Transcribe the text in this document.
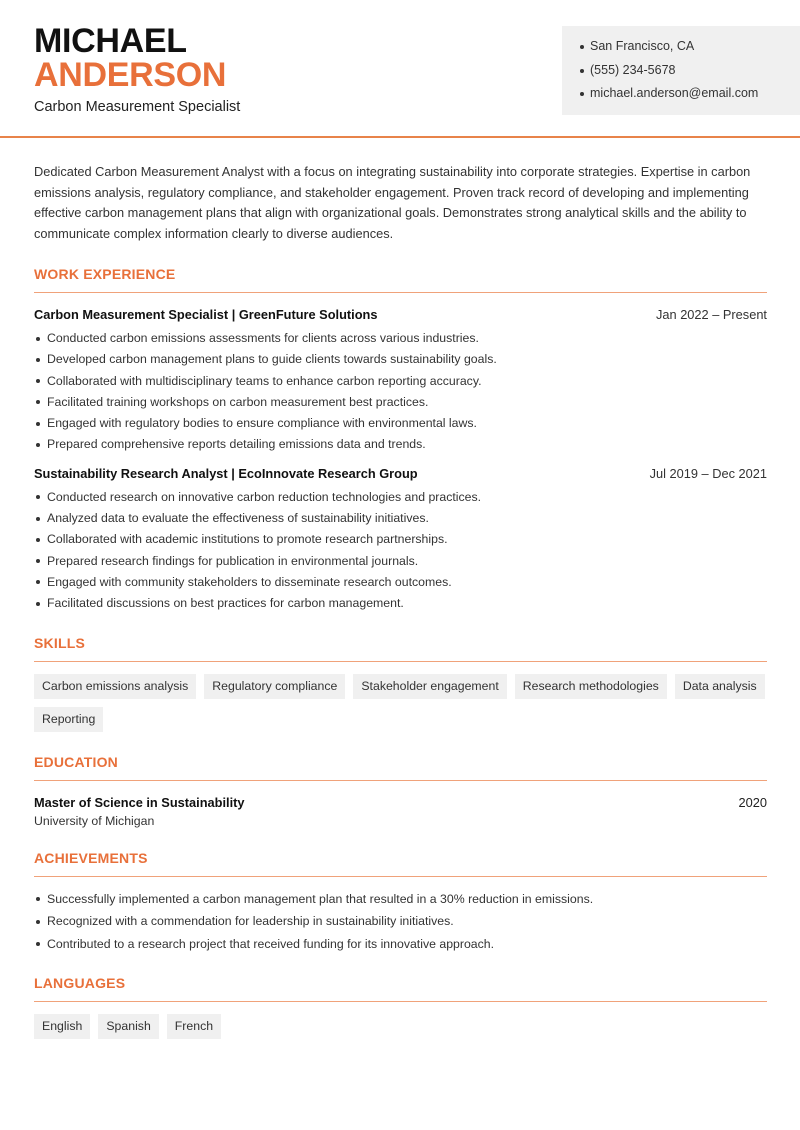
MICHAEL
ANDERSON
Carbon Measurement Specialist
San Francisco, CA
(555) 234-5678
michael.anderson@email.com

Dedicated Carbon Measurement Analyst with a focus on integrating sustainability into corporate strategies. Expertise in carbon emissions analysis, regulatory compliance, and stakeholder engagement. Proven track record of developing and implementing effective carbon management plans that align with organizational goals. Demonstrates strong analytical skills and the ability to communicate complex information clearly to diverse audiences.

WORK EXPERIENCE
Carbon Measurement Specialist | GreenFuture Solutions	Jan 2022 – Present
Conducted carbon emissions assessments for clients across various industries.
Developed carbon management plans to guide clients towards sustainability goals.
Collaborated with multidisciplinary teams to enhance carbon reporting accuracy.
Facilitated training workshops on carbon measurement best practices.
Engaged with regulatory bodies to ensure compliance with environmental laws.
Prepared comprehensive reports detailing emissions data and trends.
Sustainability Research Analyst | EcoInnovate Research Group	Jul 2019 – Dec 2021
Conducted research on innovative carbon reduction technologies and practices.
Analyzed data to evaluate the effectiveness of sustainability initiatives.
Collaborated with academic institutions to promote research partnerships.
Prepared research findings for publication in environmental journals.
Engaged with community stakeholders to disseminate research outcomes.
Facilitated discussions on best practices for carbon management.
SKILLS
Carbon emissions analysis	Regulatory compliance	Stakeholder engagement	Research methodologies	Data analysis
Reporting
EDUCATION
Master of Science in Sustainability	2020
University of Michigan
ACHIEVEMENTS
Successfully implemented a carbon management plan that resulted in a 30% reduction in emissions.
Recognized with a commendation for leadership in sustainability initiatives.
Contributed to a research project that received funding for its innovative approach.
LANGUAGES
English	Spanish	French
